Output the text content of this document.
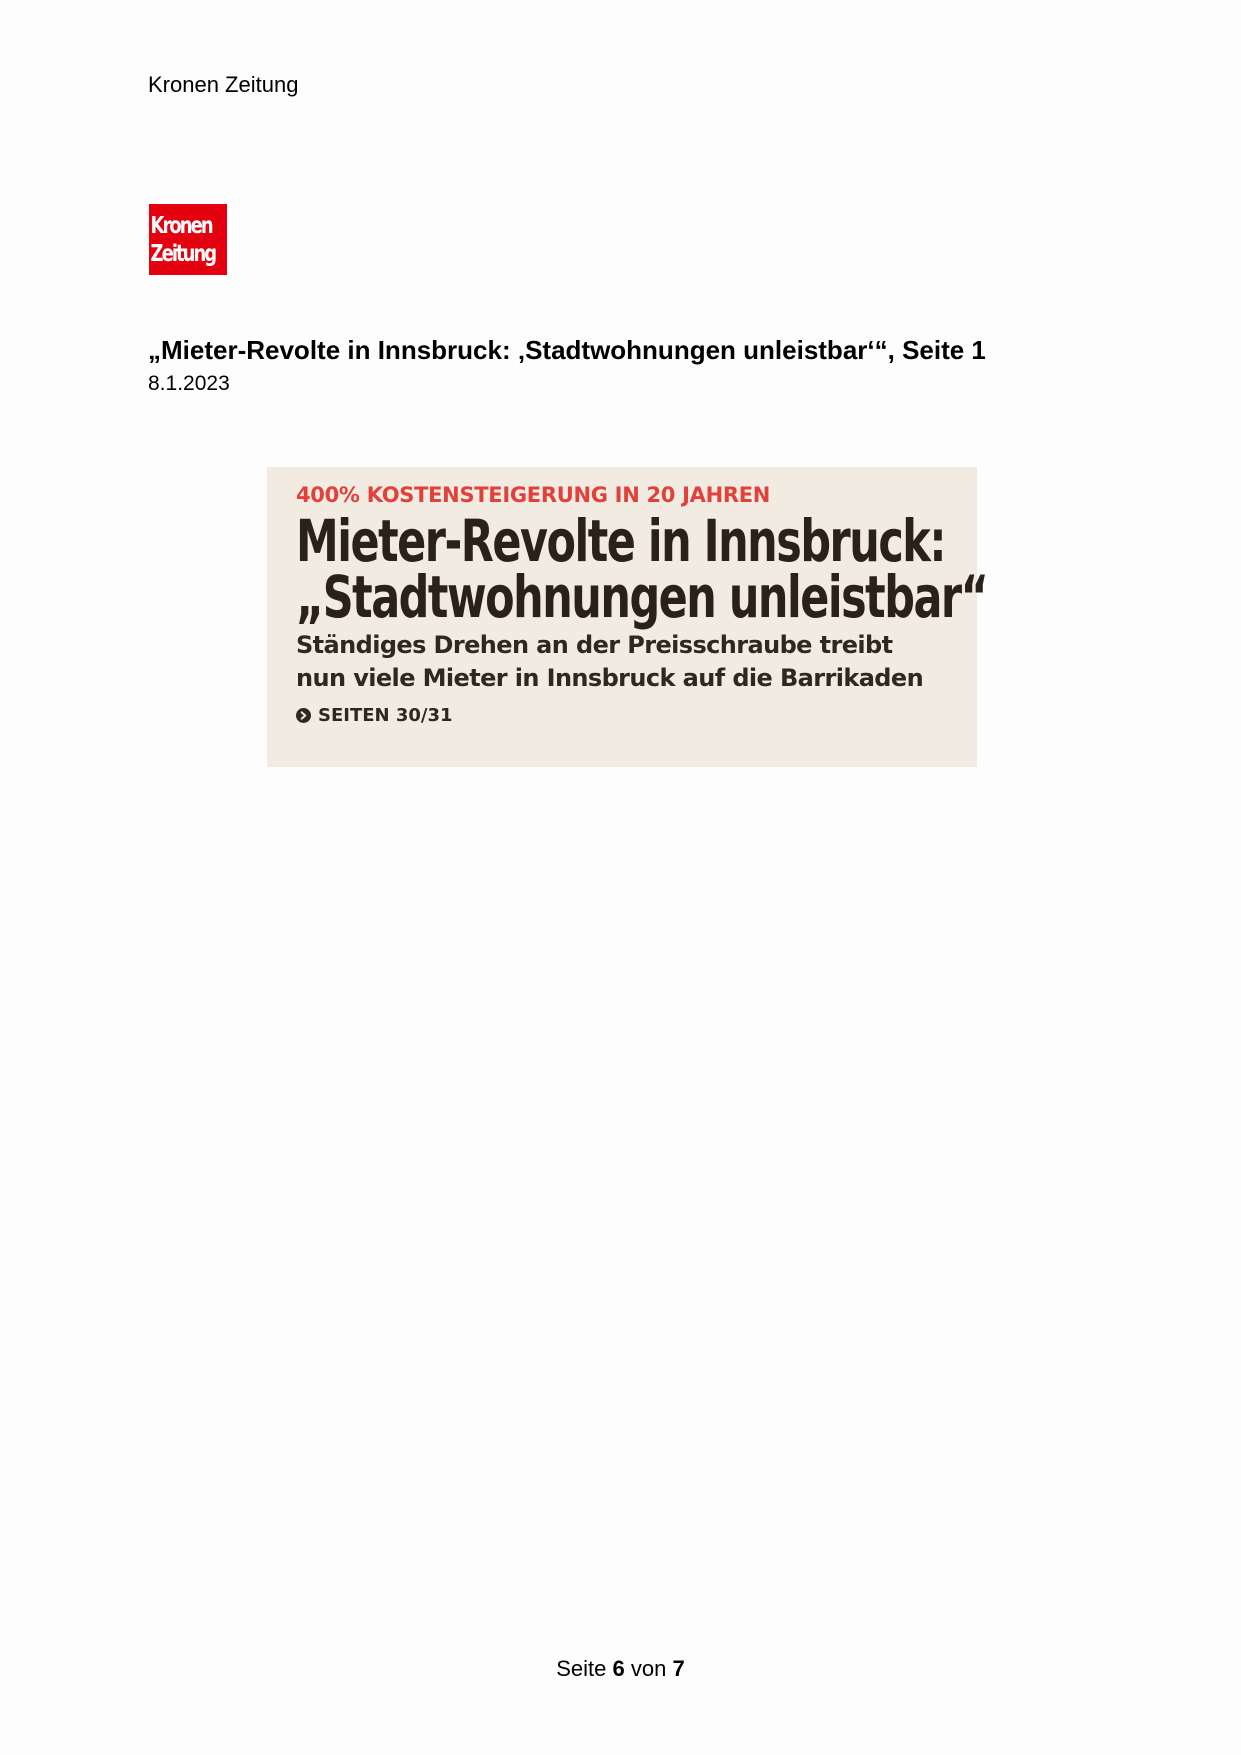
Kronen Zeitung
Kronen
Zeitung
„Mieter-Revolte in Innsbruck: ‚Stadtwohnungen unleistbar‘“, Seite 1
8.1.2023
400% KOSTENSTEIGERUNG IN 20 JAHREN
Mieter-Revolte in Innsbruck:
„Stadtwohnungen unleistbar“
Ständiges Drehen an der Preisschraube treibt
nun viele Mieter in Innsbruck auf die Barrikaden
SEITEN 30/31
Seite 6 von 7
